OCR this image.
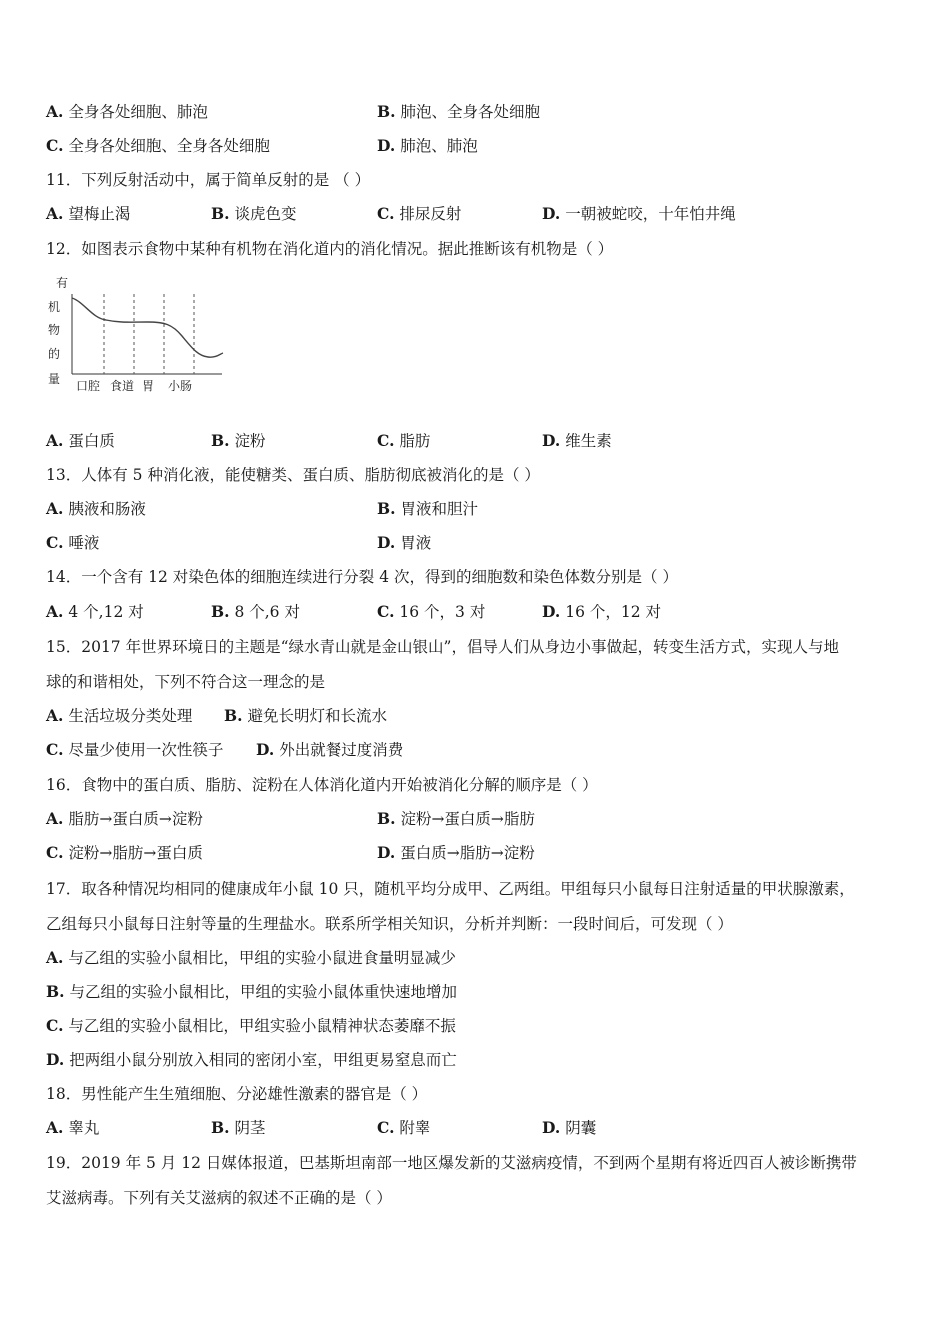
A. 全身各处细胞、肺泡	B. 肺泡、全身各处细胞
C. 全身各处细胞、全身各处细胞	D. 肺泡、肺泡
11．下列反射活动中，属于简单反射的是 （ ）
A. 望梅止渴	B. 谈虎色变	C. 排尿反射	D. 一朝被蛇咬，十年怕井绳
12．如图表示食物中某种有机物在消化道内的消化情况。据此推断该有机物是（ ）
有
机
物
的
量 口腔 食道 胃 小肠
A. 蛋白质	B. 淀粉	C. 脂肪	D. 维生素
13．人体有 5 种消化液，能使糖类、蛋白质、脂肪彻底被消化的是（ ）
A. 胰液和肠液	B. 胃液和胆汁
C. 唾液	D. 胃液
14．一个含有 12 对染色体的细胞连续进行分裂 4 次，得到的细胞数和染色体数分别是（ ）
A. 4 个,12 对	B. 8 个,6 对	C. 16 个，3 对	D. 16 个，12 对
15．2017 年世界环境日的主题是“绿水青山就是金山银山”，倡导人们从身边小事做起，转变生活方式，实现人与地
球的和谐相处，下列不符合这一理念的是
A. 生活垃圾分类处理 B. 避免长明灯和长流水
C. 尽量少使用一次性筷子 D. 外出就餐过度消费
16．食物中的蛋白质、脂肪、淀粉在人体消化道内开始被消化分解的顺序是（ ）
A. 脂肪→蛋白质→淀粉	B. 淀粉→蛋白质→脂肪
C. 淀粉→脂肪→蛋白质	D. 蛋白质→脂肪→淀粉
17．取各种情况均相同的健康成年小鼠 10 只，随机平均分成甲、乙两组。甲组每只小鼠每日注射适量的甲状腺激素，
乙组每只小鼠每日注射等量的生理盐水。联系所学相关知识，分析并判断：一段时间后，可发现（ ）
A. 与乙组的实验小鼠相比，甲组的实验小鼠进食量明显减少
B. 与乙组的实验小鼠相比，甲组的实验小鼠体重快速地增加
C. 与乙组的实验小鼠相比，甲组实验小鼠精神状态萎靡不振
D. 把两组小鼠分别放入相同的密闭小室，甲组更易窒息而亡
18．男性能产生生殖细胞、分泌雄性激素的器官是（ ）
A. 睾丸	B. 阴茎	C. 附睾	D. 阴囊
19．2019 年 5 月 12 日媒体报道，巴基斯坦南部一地区爆发新的艾滋病疫情，不到两个星期有将近四百人被诊断携带
艾滋病毒。下列有关艾滋病的叙述不正确的是（ ）
